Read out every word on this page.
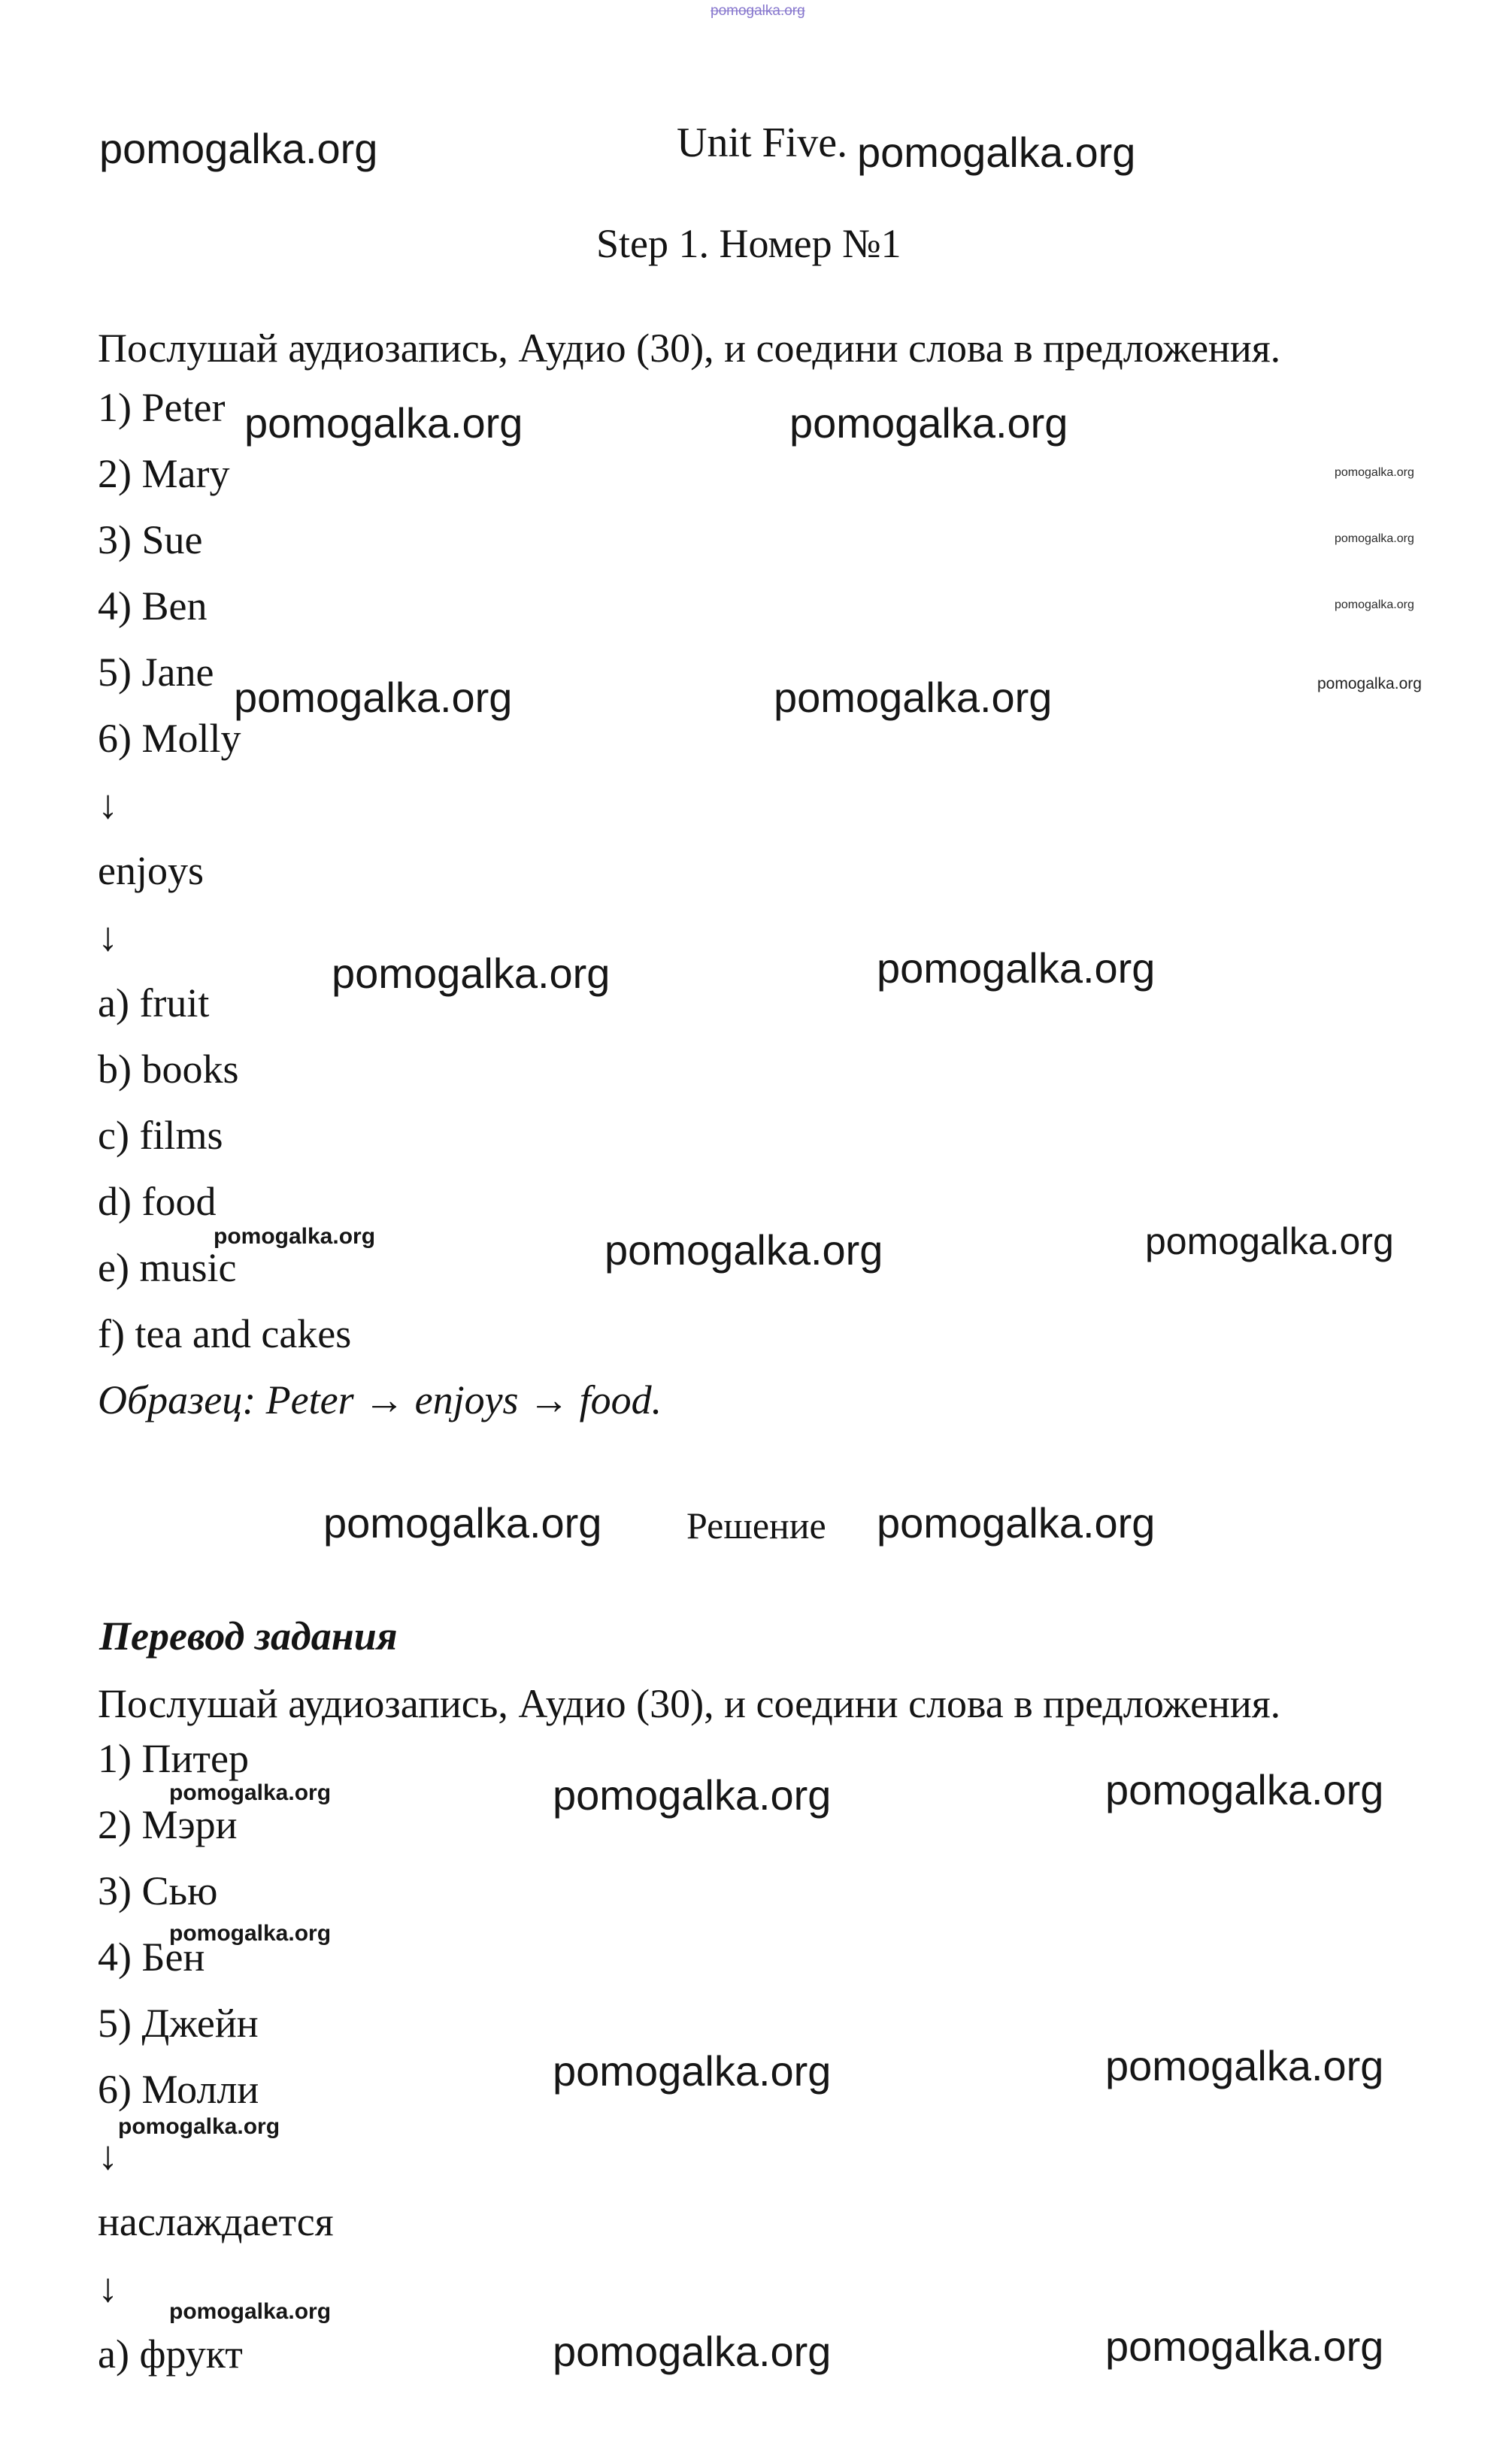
pomogalka.org
pomogalka.org	Unit Five. pomogalka.org
Step 1. Номер №1
Послушай аудиозапись, Аудио (30), и соедини слова в предложения.
1) Peter
2) Mary
3) Sue
4) Ben
5) Jane
6) Molly
↓
enjoys
↓
a) fruit
b) books
c) films
d) food
e) music
f) tea and cakes
Образец: Peter → enjoys → food.
pomogalka.org	pomogalka.org
pomogalka.org	pomogalka.org
pomogalka.org	pomogalka.org
pomogalka.org	pomogalka.org	pomogalka.org
pomogalka.org
pomogalka.org
pomogalka.org
pomogalka.org
pomogalka.org Решение pomogalka.org
Перевод задания
Послушай аудиозапись, Аудио (30), и соедини слова в предложения.
1) Питер
2) Мэри
3) Сью
4) Бен
5) Джейн
6) Молли
↓
наслаждается
↓
а) фрукт
pomogalka.org	pomogalka.org	pomogalka.org
pomogalka.org
pomogalka.org	pomogalka.org
pomogalka.org
pomogalka.org
pomogalka.org	pomogalka.org
